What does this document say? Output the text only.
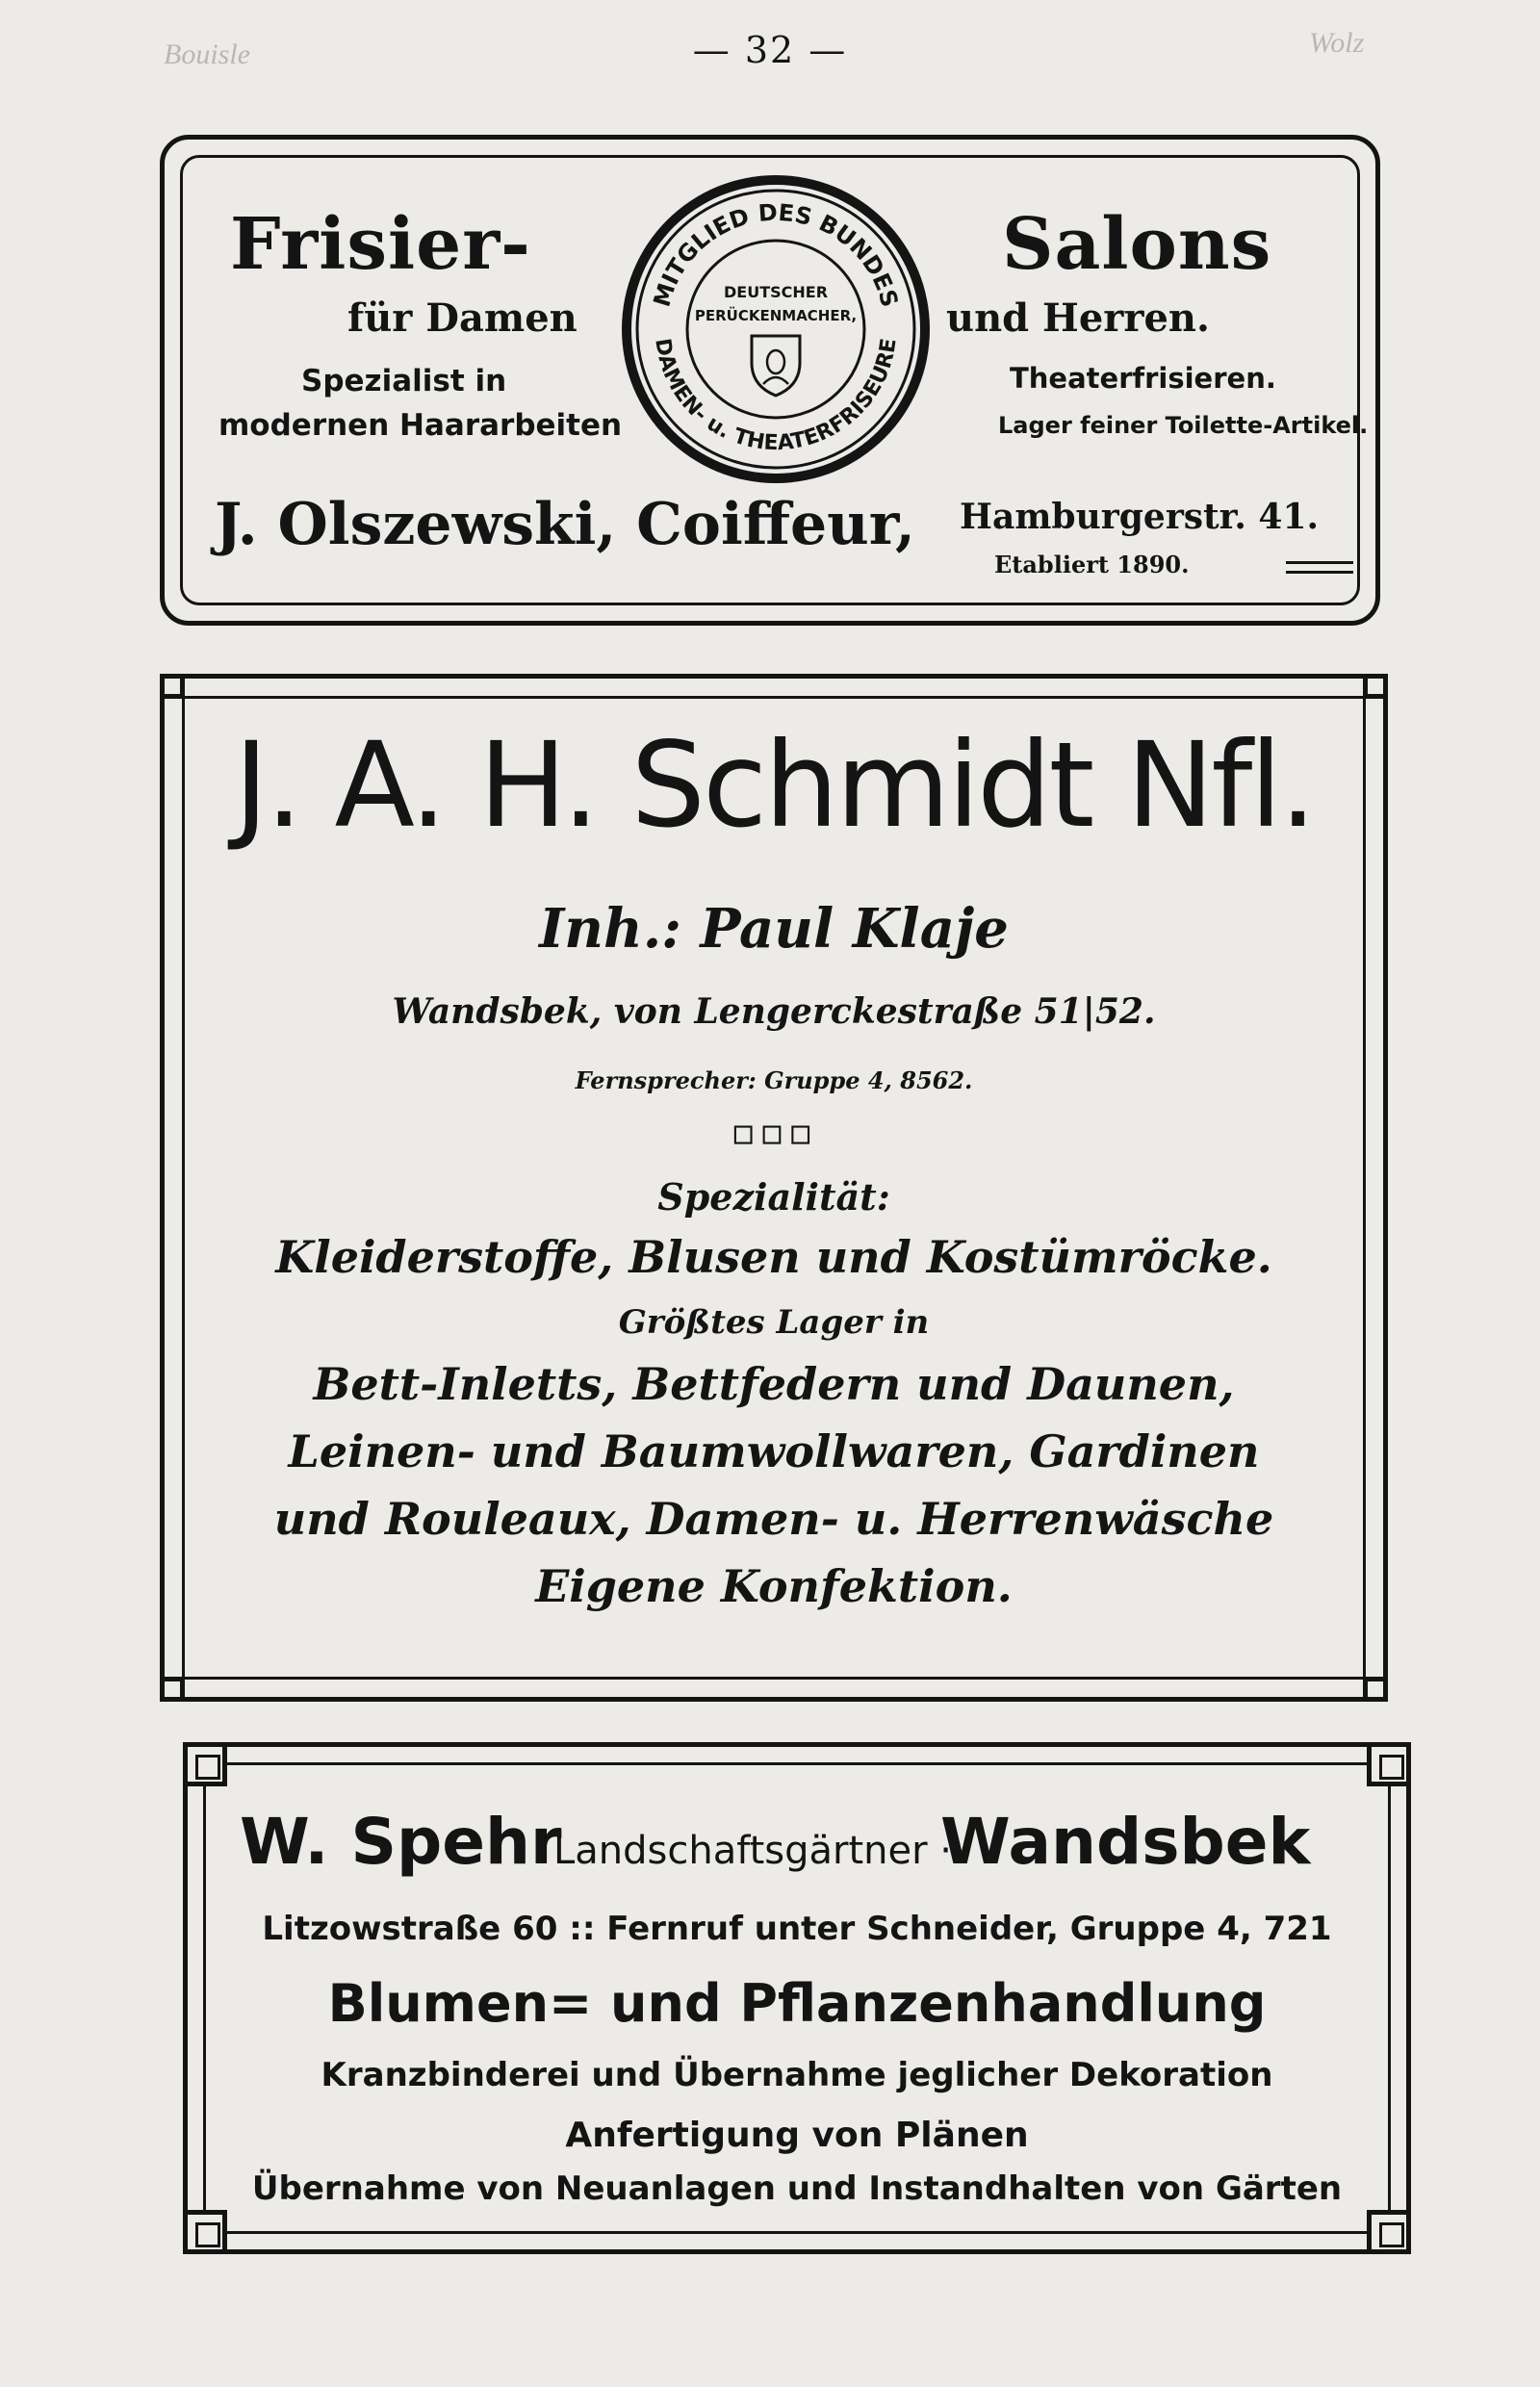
— 32 —
Bouisle	Wolz

Frisier-	Salons

für Damen	und Herren.

Spezialist in

modernen Haararbeiten

Theaterfrisieren.

Lager feiner Toilette-Artikel.

J. Olszewski, Coiffeur, Hamburgerstr. 41.

Etabliert 1890.

MITGLIED DES BUNDES
DAMEN- u. THEATERFRISEURE
DEUTSCHER
PERÜCKENMACHER,

J. A. H. Schmidt Nfl.

Inh.: Paul Klaje

Wandsbek, von Lengerckestraße 51|52.

Fernsprecher: Gruppe 4, 8562.

▫▫▫

Spezialität:

Kleiderstoffe, Blusen und Kostümröcke.

Größtes Lager in

Bett-Inletts, Bettfedern und Daunen,

Leinen- und Baumwollwaren, Gardinen

und Rouleaux, Damen- u. Herrenwäsche

Eigene Konfektion.

W. Spehr

Landschaftsgärtner ·

Wandsbek

Litzowstraße 60 :: Fernruf unter Schneider, Gruppe 4, 721

Blumen= und Pflanzenhandlung

Kranzbinderei und Übernahme jeglicher Dekoration

Anfertigung von Plänen

Übernahme von Neuanlagen und Instandhalten von Gärten
